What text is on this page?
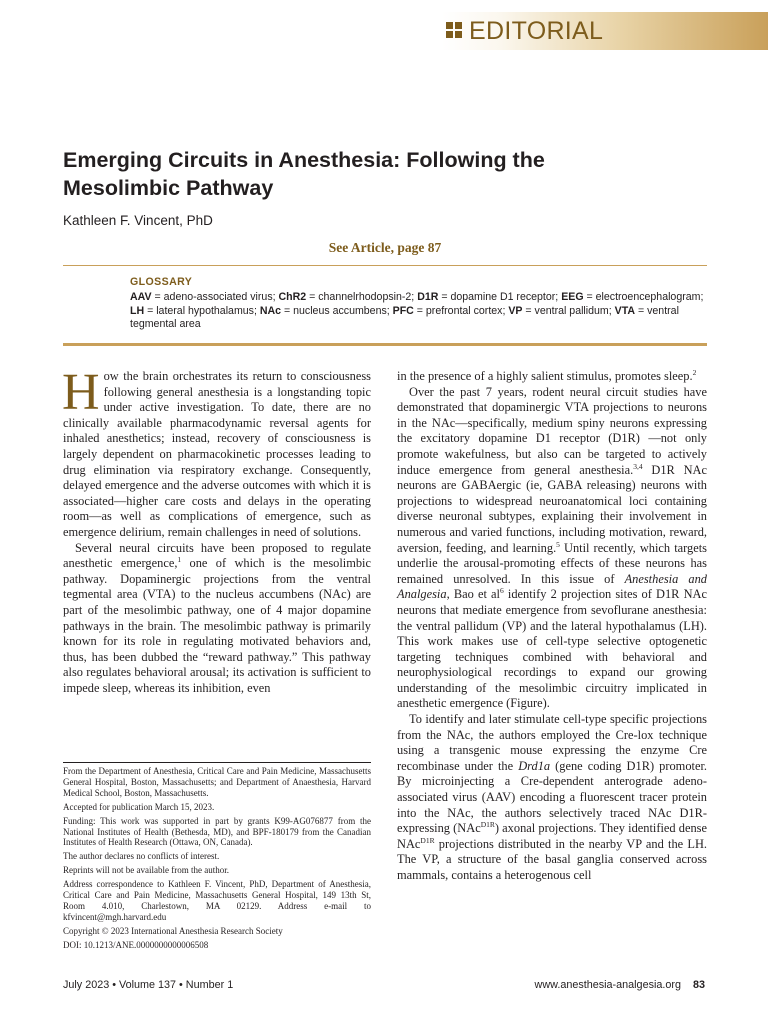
EDITORIAL
Emerging Circuits in Anesthesia: Following the Mesolimbic Pathway
Kathleen F. Vincent, PhD
See Article, page 87
GLOSSARY
AAV = adeno-associated virus; ChR2 = channelrhodopsin-2; D1R = dopamine D1 receptor; EEG = electroencephalogram; LH = lateral hypothalamus; NAc = nucleus accumbens; PFC = prefrontal cortex; VP = ventral pallidum; VTA = ventral tegmental area

How the brain orchestrates its return to consciousness following general anesthesia is a longstanding topic under active investigation. To date, there are no clinically available pharmacodynamic reversal agents for inhaled anesthetics; instead, recovery of consciousness is largely dependent on pharmacokinetic processes leading to drug elimination via respiratory exchange. Consequently, delayed emergence and the adverse outcomes with which it is associated—higher care costs and delays in the operating room—as well as complications of emergence, such as emergence delirium, remain challenges in need of solutions.

Several neural circuits have been proposed to regulate anesthetic emergence,$^1$ one of which is the mesolimbic pathway. Dopaminergic projections from the ventral tegmental area (VTA) to the nucleus accumbens (NAc) are part of the mesolimbic pathway, one of 4 major dopamine pathways in the brain. The mesolimbic pathway is primarily known for its role in regulating motivated behaviors and, thus, has been dubbed the “reward pathway.” This pathway also regulates behavioral arousal; its activation is sufficient to impede sleep, whereas its inhibition, even

in the presence of a highly salient stimulus, promotes sleep.$^2$

Over the past 7 years, rodent neural circuit studies have demonstrated that dopaminergic VTA projections to neurons in the NAc—specifically, medium spiny neurons expressing the excitatory dopamine D1 receptor (D1R) —not only promote wakefulness, but also can be targeted to actively induce emergence from general anesthesia.$^{3,4}$ D1R NAc neurons are GABAergic (ie, GABA releasing) neurons with projections to widespread neuroanatomical loci containing diverse neuronal subtypes, explaining their involvement in numerous and varied functions, including motivation, reward, aversion, feeding, and learning.$^5$ Until recently, which targets underlie the arousal-promoting effects of these neurons has remained unresolved. In this issue of Anesthesia and Analgesia, Bao et $al^6$ identify 2 projection sites of D1R NAc neurons that mediate emergence from sevoflurane anesthesia: the ventral pallidum (VP) and the lateral hypothalamus (LH). This work makes use of cell-type selective optogenetic targeting techniques combined with behavioral and neurophysiological recordings to expand our growing understanding of the mesolimbic circuitry implicated in anesthetic emergence (Figure).

To identify and later stimulate cell-type specific projections from the NAc, the authors employed the Cre-lox technique using a transgenic mouse expressing the enzyme Cre recombinase under the Drd1a (gene coding D1R) promoter. By microinjecting a Cre-dependent anterograde adeno-associated virus (AAV) encoding a fluorescent tracer protein into the NAc, the authors selectively traced NAc D1R-expressing (NAc$^{D1R}$) axonal projections. They identified dense NAc$^{D1R}$ projections distributed in the nearby VP and the LH. The VP, a structure of the basal ganglia conserved across mammals, contains a heterogenous cell

From the Department of Anesthesia, Critical Care and Pain Medicine, Massachusetts General Hospital, Boston, Massachusetts; and Department of Anaesthesia, Harvard Medical School, Boston, Massachusetts.

Accepted for publication March 15, 2023.

Funding: This work was supported in part by grants K99-AG076877 from the National Institutes of Health (Bethesda, MD), and BPF-180179 from the Canadian Institutes of Health Research (Ottawa, ON, Canada).

The author declares no conflicts of interest.

Reprints will not be available from the author.

Address correspondence to Kathleen F. Vincent, PhD, Department of Anesthesia, Critical Care and Pain Medicine, Massachusetts General Hospital, 149 13th St, Room 4.010, Charlestown, MA 02129. Address e-mail to kfvincent@mgh.harvard.edu

Copyright © 2023 International Anesthesia Research Society

DOI: 10.1213/ANE.0000000000006508

July 2023 • Volume 137 • Number 1	www.anesthesia-analgesia.org 83
